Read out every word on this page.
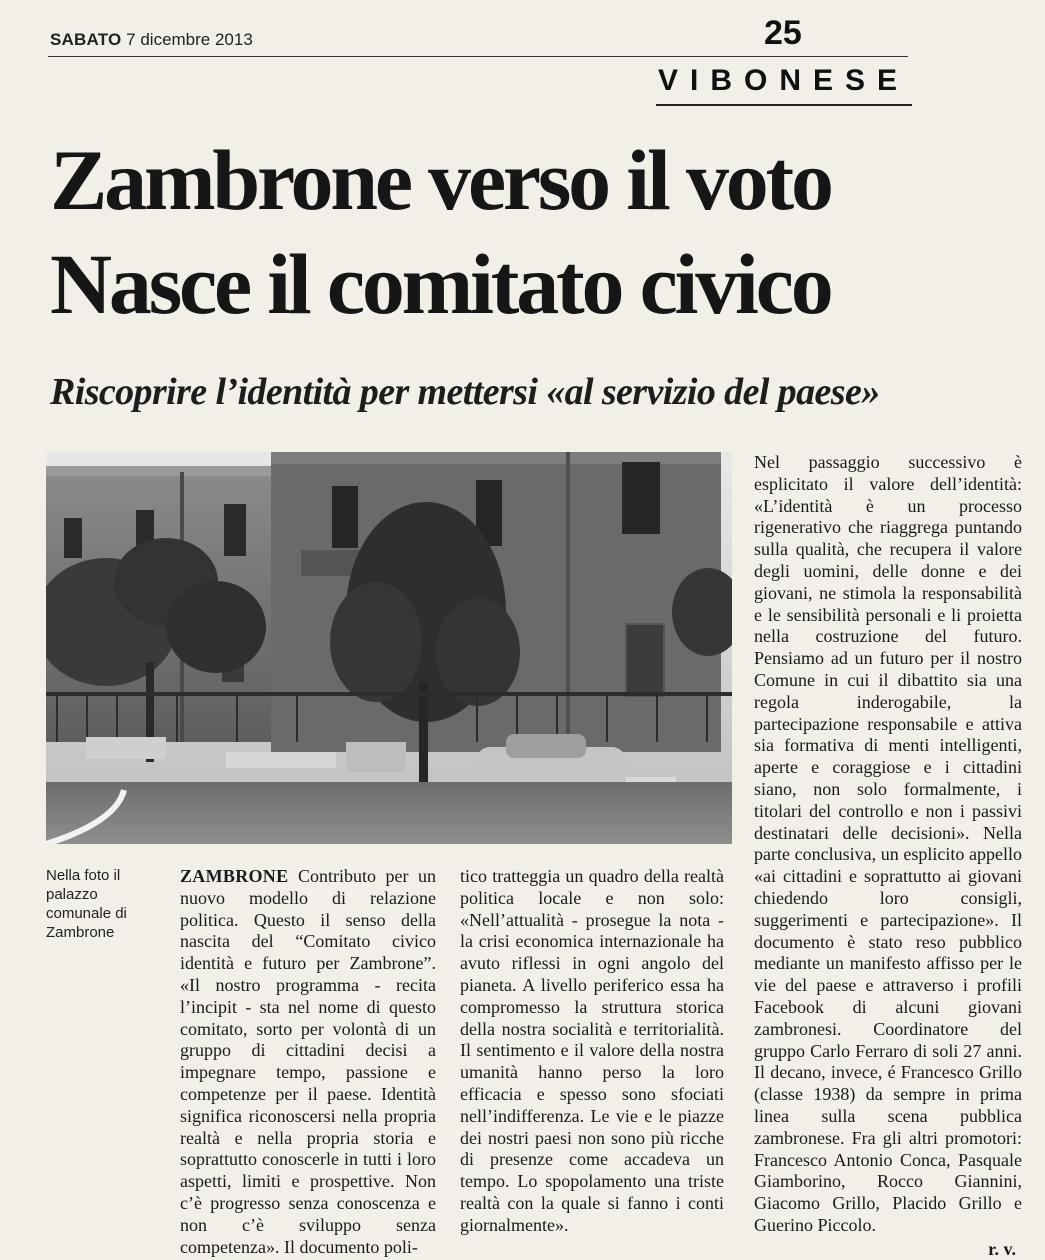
SABATO 7 dicembre 2013	25
VIBONESE
Zambrone verso il voto
Nasce il comitato civico
Riscoprire l’identità per mettersi «al servizio del paese»
Nella foto il palazzo comunale di Zambrone
ZAMBRONE Contributo per un nuovo modello di relazione politica. Questo il senso della nascita del “Comitato civico identità e futuro per Zambrone”. «Il nostro programma - recita l’incipit - sta nel nome di questo comitato, sorto per volontà di un gruppo di cittadini decisi a impegnare tempo, passione e competenze per il paese. Identità significa riconoscersi nella propria realtà e nella propria storia e soprattutto conoscerle in tutti i loro aspetti, limiti e prospettive. Non c’è progresso senza conoscenza e non c’è sviluppo senza competenza». Il documento poli-
tico tratteggia un quadro della realtà politica locale e non solo: «Nell’attualità - prosegue la nota - la crisi economica internazionale ha avuto riflessi in ogni angolo del pianeta. A livello periferico essa ha compromesso la struttura storica della nostra socialità e territorialità. Il sentimento e il valore della nostra umanità hanno perso la loro efficacia e spesso sono sfociati nell’indifferenza. Le vie e le piazze dei nostri paesi non sono più ricche di presenze come accadeva un tempo. Lo spopolamento una triste realtà con la quale si fanno i conti giornalmente».
Nel passaggio successivo è esplicitato il valore dell’identità: «L’identità è un processo rigenerativo che riaggrega puntando sulla qualità, che recupera il valore degli uomini, delle donne e dei giovani, ne stimola la responsabilità e le sensibilità personali e li proietta nella costruzione del futuro. Pensiamo ad un futuro per il nostro Comune in cui il dibattito sia una regola inderogabile, la partecipazione responsabile e attiva sia formativa di menti intelligenti, aperte e coraggiose e i cittadini siano, non solo formalmente, i titolari del controllo e non i passivi destinatari delle decisioni». Nella parte conclusiva, un esplicito appello «ai cittadini e soprattutto ai giovani chiedendo loro consigli, suggerimenti e partecipazione». Il documento è stato reso pubblico mediante un manifesto affisso per le vie del paese e attraverso i profili Facebook di alcuni giovani zambronesi. Coordinatore del gruppo Carlo Ferraro di soli 27 anni. Il decano, invece, é Francesco Grillo (classe 1938) da sempre in prima linea sulla scena pubblica zambronese. Fra gli altri promotori: Francesco Antonio Conca, Pasquale Giamborino, Rocco Giannini, Giacomo Grillo, Placido Grillo e Guerino Piccolo.
r. v.
